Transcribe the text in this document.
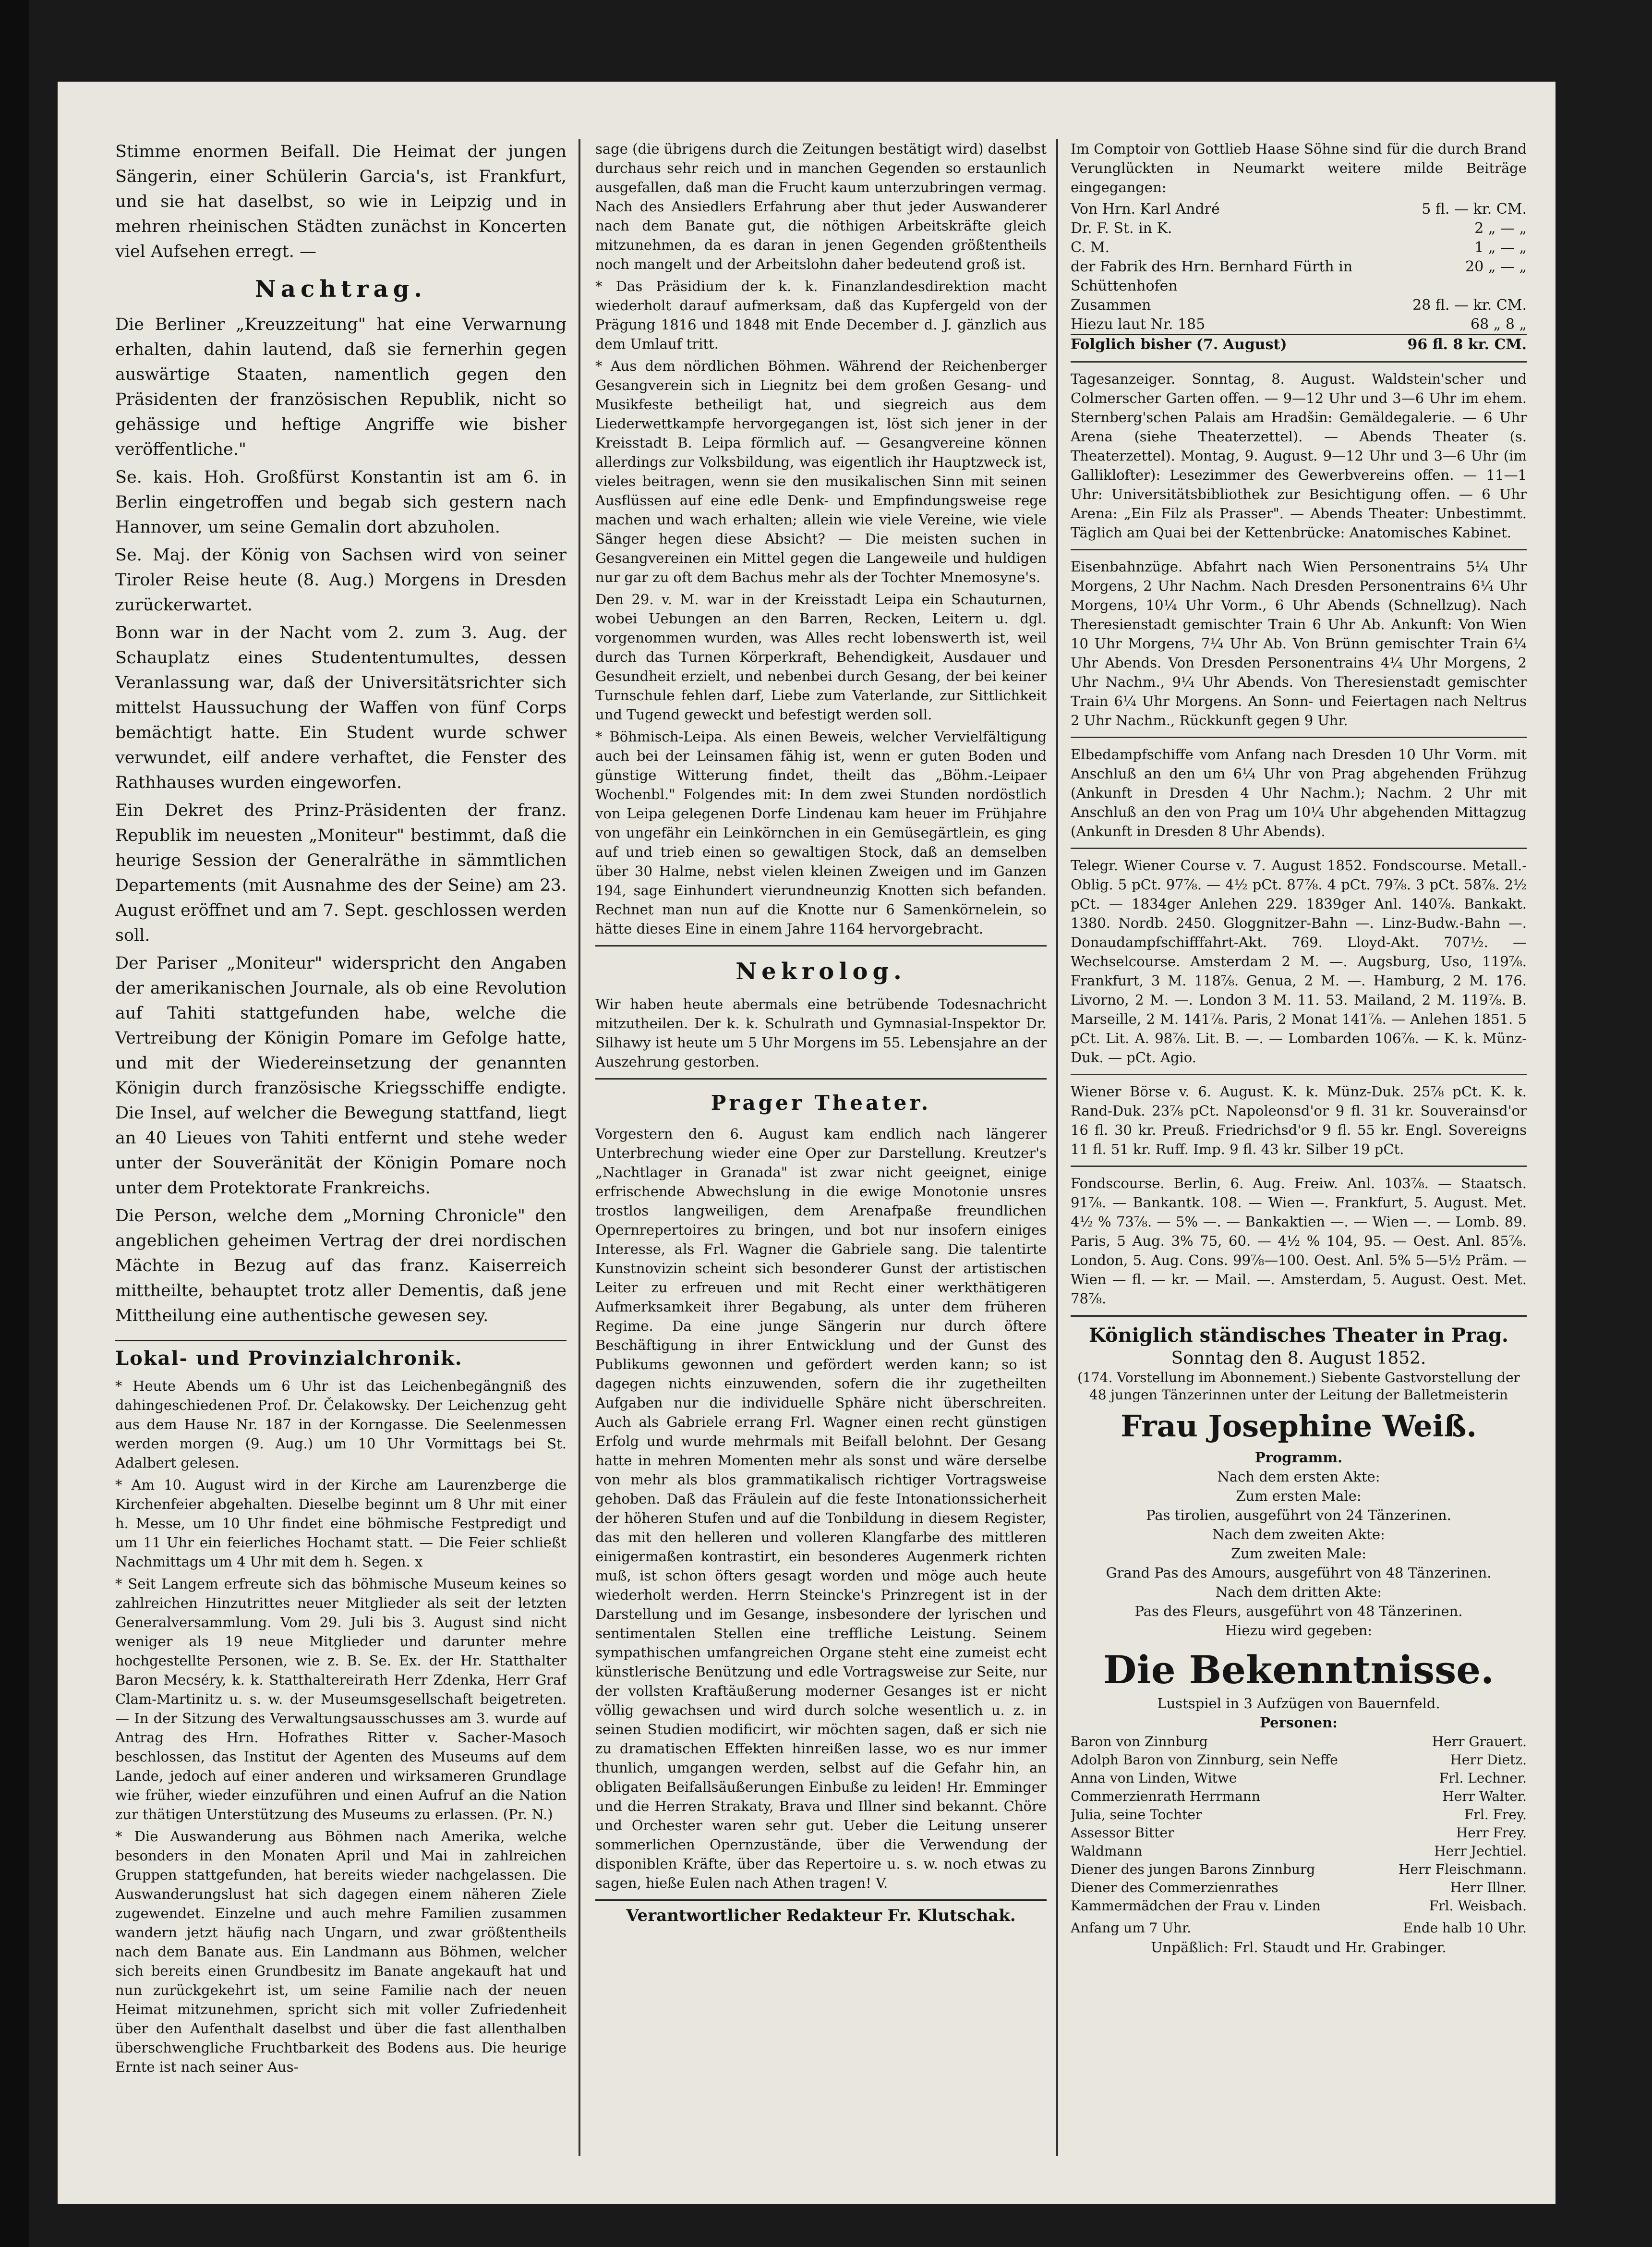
Stimme enormen Beifall. Die Heimat der jungen Sängerin, einer Schülerin Garcia's, ist Frankfurt, und sie hat daselbst, so wie in Leipzig und in mehren rheinischen Städten zunächst in Koncerten viel Aufsehen erregt. —

Nachtrag.

Die Berliner „Kreuzzeitung" hat eine Verwarnung erhalten, dahin lautend, daß sie fernerhin gegen auswärtige Staaten, namentlich gegen den Präsidenten der französischen Republik, nicht so gehässige und heftige Angriffe wie bisher veröffentliche."

Se. kais. Hoh. Großfürst Konstantin ist am 6. in Berlin eingetroffen und begab sich gestern nach Hannover, um seine Gemalin dort abzuholen.

Se. Maj. der König von Sachsen wird von seiner Tiroler Reise heute (8. Aug.) Morgens in Dresden zurückerwartet.

Bonn war in der Nacht vom 2. zum 3. Aug. der Schauplatz eines Studententumultes, dessen Veranlassung war, daß der Universitätsrichter sich mittelst Haussuchung der Waffen von fünf Corps bemächtigt hatte. Ein Student wurde schwer verwundet, eilf andere verhaftet, die Fenster des Rathhauses wurden eingeworfen.

Ein Dekret des Prinz-Präsidenten der franz. Republik im neuesten „Moniteur" bestimmt, daß die heurige Session der Generalräthe in sämmtlichen Departements (mit Ausnahme des der Seine) am 23. August eröffnet und am 7. Sept. geschlossen werden soll.

Der Pariser „Moniteur" widerspricht den Angaben der amerikanischen Journale, als ob eine Revolution auf Tahiti stattgefunden habe, welche die Vertreibung der Königin Pomare im Gefolge hatte, und mit der Wiedereinsetzung der genannten Königin durch französische Kriegsschiffe endigte. Die Insel, auf welcher die Bewegung stattfand, liegt an 40 Lieues von Tahiti entfernt und stehe weder unter der Souveränität der Königin Pomare noch unter dem Protektorate Frankreichs.

Die Person, welche dem „Morning Chronicle" den angeblichen geheimen Vertrag der drei nordischen Mächte in Bezug auf das franz. Kaiserreich mittheilte, behauptet trotz aller Dementis, daß jene Mittheilung eine authentische gewesen sey.

Lokal- und Provinzialchronik.

* Heute Abends um 6 Uhr ist das Leichenbegängniß des dahingeschiedenen Prof. Dr. Čelakowsky. Der Leichenzug geht aus dem Hause Nr. 187 in der Korngasse. Die Seelenmessen werden morgen (9. Aug.) um 10 Uhr Vormittags bei St. Adalbert gelesen.

* Am 10. August wird in der Kirche am Laurenzberge die Kirchenfeier abgehalten. Dieselbe beginnt um 8 Uhr mit einer h. Messe, um 10 Uhr findet eine böhmische Festpredigt und um 11 Uhr ein feierliches Hochamt statt. — Die Feier schließt Nachmittags um 4 Uhr mit dem h. Segen. x

* Seit Langem erfreute sich das böhmische Museum keines so zahlreichen Hinzutrittes neuer Mitglieder als seit der letzten Generalversammlung. Vom 29. Juli bis 3. August sind nicht weniger als 19 neue Mitglieder und darunter mehre hochgestellte Personen, wie z. B. Se. Ex. der Hr. Statthalter Baron Mecséry, k. k. Statthaltereirath Herr Zdenka, Herr Graf Clam-Martinitz u. s. w. der Museumsgesellschaft beigetreten. — In der Sitzung des Verwaltungsausschusses am 3. wurde auf Antrag des Hrn. Hofrathes Ritter v. Sacher-Masoch beschlossen, das Institut der Agenten des Museums auf dem Lande, jedoch auf einer anderen und wirksameren Grundlage wie früher, wieder einzuführen und einen Aufruf an die Nation zur thätigen Unterstützung des Museums zu erlassen. (Pr. N.)

* Die Auswanderung aus Böhmen nach Amerika, welche besonders in den Monaten April und Mai in zahlreichen Gruppen stattgefunden, hat bereits wieder nachgelassen. Die Auswanderungslust hat sich dagegen einem näheren Ziele zugewendet. Einzelne und auch mehre Familien zusammen wandern jetzt häufig nach Ungarn, und zwar größtentheils nach dem Banate aus. Ein Landmann aus Böhmen, welcher sich bereits einen Grundbesitz im Banate angekauft hat und nun zurückgekehrt ist, um seine Familie nach der neuen Heimat mitzunehmen, spricht sich mit voller Zufriedenheit über den Aufenthalt daselbst und über die fast allenthalben überschwengliche Fruchtbarkeit des Bodens aus. Die heurige Ernte ist nach seiner Aus-

sage (die übrigens durch die Zeitungen bestätigt wird) daselbst durchaus sehr reich und in manchen Gegenden so erstaunlich ausgefallen, daß man die Frucht kaum unterzubringen vermag. Nach des Ansiedlers Erfahrung aber thut jeder Auswanderer nach dem Banate gut, die nöthigen Arbeitskräfte gleich mitzunehmen, da es daran in jenen Gegenden größtentheils noch mangelt und der Arbeitslohn daher bedeutend groß ist.

* Das Präsidium der k. k. Finanzlandesdirektion macht wiederholt darauf aufmerksam, daß das Kupfergeld von der Prägung 1816 und 1848 mit Ende December d. J. gänzlich aus dem Umlauf tritt.

* Aus dem nördlichen Böhmen. Während der Reichenberger Gesangverein sich in Liegnitz bei dem großen Gesang- und Musikfeste betheiligt hat, und siegreich aus dem Liederwettkampfe hervorgegangen ist, löst sich jener in der Kreisstadt B. Leipa förmlich auf. — Gesangvereine können allerdings zur Volksbildung, was eigentlich ihr Hauptzweck ist, vieles beitragen, wenn sie den musikalischen Sinn mit seinen Ausflüssen auf eine edle Denk- und Empfindungsweise rege machen und wach erhalten; allein wie viele Vereine, wie viele Sänger hegen diese Absicht? — Die meisten suchen in Gesangvereinen ein Mittel gegen die Langeweile und huldigen nur gar zu oft dem Bachus mehr als der Tochter Mnemosyne's.

Den 29. v. M. war in der Kreisstadt Leipa ein Schauturnen, wobei Uebungen an den Barren, Recken, Leitern u. dgl. vorgenommen wurden, was Alles recht lobenswerth ist, weil durch das Turnen Körperkraft, Behendigkeit, Ausdauer und Gesundheit erzielt, und nebenbei durch Gesang, der bei keiner Turnschule fehlen darf, Liebe zum Vaterlande, zur Sittlichkeit und Tugend geweckt und befestigt werden soll.

* Böhmisch-Leipa. Als einen Beweis, welcher Vervielfältigung auch bei der Leinsamen fähig ist, wenn er guten Boden und günstige Witterung findet, theilt das „Böhm.-Leipaer Wochenbl." Folgendes mit: In dem zwei Stunden nordöstlich von Leipa gelegenen Dorfe Lindenau kam heuer im Frühjahre von ungefähr ein Leinkörnchen in ein Gemüsegärtlein, es ging auf und trieb einen so gewaltigen Stock, daß an demselben über 30 Halme, nebst vielen kleinen Zweigen und im Ganzen 194, sage Einhundert vierundneunzig Knotten sich befanden. Rechnet man nun auf die Knotte nur 6 Samenkörnelein, so hätte dieses Eine in einem Jahre 1164 hervorgebracht.

Nekrolog.

Wir haben heute abermals eine betrübende Todesnachricht mitzutheilen. Der k. k. Schulrath und Gymnasial-Inspektor Dr. Silhawy ist heute um 5 Uhr Morgens im 55. Lebensjahre an der Auszehrung gestorben.

Prager Theater.

Vorgestern den 6. August kam endlich nach längerer Unterbrechung wieder eine Oper zur Darstellung. Kreutzer's „Nachtlager in Granada" ist zwar nicht geeignet, einige erfrischende Abwechslung in die ewige Monotonie unsres trostlos langweiligen, dem Arenafpaße freundlichen Opernrepertoires zu bringen, und bot nur insofern einiges Interesse, als Frl. Wagner die Gabriele sang. Die talentirte Kunstnovizin scheint sich besonderer Gunst der artistischen Leiter zu erfreuen und mit Recht einer werkthätigeren Aufmerksamkeit ihrer Begabung, als unter dem früheren Regime. Da eine junge Sängerin nur durch öftere Beschäftigung in ihrer Entwicklung und der Gunst des Publikums gewonnen und gefördert werden kann; so ist dagegen nichts einzuwenden, sofern die ihr zugetheilten Aufgaben nur die individuelle Sphäre nicht überschreiten. Auch als Gabriele errang Frl. Wagner einen recht günstigen Erfolg und wurde mehrmals mit Beifall belohnt. Der Gesang hatte in mehren Momenten mehr als sonst und wäre derselbe von mehr als blos grammatikalisch richtiger Vortragsweise gehoben. Daß das Fräulein auf die feste Intonationssicherheit der höheren Stufen und auf die Tonbildung in diesem Register, das mit den helleren und volleren Klangfarbe des mittleren einigermaßen kontrastirt, ein besonderes Augenmerk richten muß, ist schon öfters gesagt worden und möge auch heute wiederholt werden. Herrn Steincke's Prinzregent ist in der Darstellung und im Gesange, insbesondere der lyrischen und sentimentalen Stellen eine treffliche Leistung. Seinem sympathischen umfangreichen Organe steht eine zumeist echt künstlerische Benützung und edle Vortragsweise zur Seite, nur der vollsten Kraftäußerung moderner Gesanges ist er nicht völlig gewachsen und wird durch solche wesentlich u. z. in seinen Studien modificirt, wir möchten sagen, daß er sich nie zu dramatischen Effekten hinreißen lasse, wo es nur immer thunlich, umgangen werden, selbst auf die Gefahr hin, an obligaten Beifallsäußerungen Einbuße zu leiden! Hr. Emminger und die Herren Strakaty, Brava und Illner sind bekannt. Chöre und Orchester waren sehr gut. Ueber die Leitung unserer sommerlichen Opernzustände, über die Verwendung der disponiblen Kräfte, über das Repertoire u. s. w. noch etwas zu sagen, hieße Eulen nach Athen tragen! V.

Verantwortlicher Redakteur Fr. Klutschak.

Im Comptoir von Gottlieb Haase Söhne sind für die durch Brand Verunglückten in Neumarkt weitere milde Beiträge eingegangen:

Von Hrn. Karl André	5 fl. — kr. CM.
Dr. F. St. in K.	2 „ — „
C. M.	1 „ — „
der Fabrik des Hrn. Bernhard Fürth in Schüttenhofen
20 „ — „
Zusammen	28 fl. — kr. CM.
Hiezu laut Nr. 185	68 „ 8 „
Folglich bisher (7. August)	96 fl. 8 kr. CM.

Tagesanzeiger. Sonntag, 8. August. Waldstein'scher und Colmerscher Garten offen. — 9—12 Uhr und 3—6 Uhr im ehem. Sternberg'schen Palais am Hradšin: Gemäldegalerie. — 6 Uhr Arena (siehe Theaterzettel). — Abends Theater (s. Theaterzettel). Montag, 9. August. 9—12 Uhr und 3—6 Uhr (im Galliklofter): Lesezimmer des Gewerbvereins offen. — 11—1 Uhr: Universitätsbibliothek zur Besichtigung offen. — 6 Uhr Arena: „Ein Filz als Prasser". — Abends Theater: Unbestimmt. Täglich am Quai bei der Kettenbrücke: Anatomisches Kabinet.

Eisenbahnzüge. Abfahrt nach Wien Personentrains 5¼ Uhr Morgens, 2 Uhr Nachm. Nach Dresden Personentrains 6¼ Uhr Morgens, 10¼ Uhr Vorm., 6 Uhr Abends (Schnellzug). Nach Theresienstadt gemischter Train 6 Uhr Ab. Ankunft: Von Wien 10 Uhr Morgens, 7¼ Uhr Ab. Von Brünn gemischter Train 6¼ Uhr Abends. Von Dresden Personentrains 4¼ Uhr Morgens, 2 Uhr Nachm., 9¼ Uhr Abends. Von Theresienstadt gemischter Train 6¼ Uhr Morgens. An Sonn- und Feiertagen nach Neltrus 2 Uhr Nachm., Rückkunft gegen 9 Uhr.

Elbedampfschiffe vom Anfang nach Dresden 10 Uhr Vorm. mit Anschluß an den um 6¼ Uhr von Prag abgehenden Frühzug (Ankunft in Dresden 4 Uhr Nachm.); Nachm. 2 Uhr mit Anschluß an den von Prag um 10¼ Uhr abgehenden Mittagzug (Ankunft in Dresden 8 Uhr Abends).

Telegr. Wiener Course v. 7. August 1852. Fondscourse. Metall.-Oblig. 5 pCt. 97⅞. — 4½ pCt. 87⅞. 4 pCt. 79⅞. 3 pCt. 58⅞. 2½ pCt. — 1834ger Anlehen 229. 1839ger Anl. 140⅞. Bankakt. 1380. Nordb. 2450. Gloggnitzer-Bahn —. Linz-Budw.-Bahn —. Donaudampfschifffahrt-Akt. 769. Lloyd-Akt. 707½. — Wechselcourse. Amsterdam 2 M. —. Augsburg, Uso, 119⅞. Frankfurt, 3 M. 118⅞. Genua, 2 M. —. Hamburg, 2 M. 176. Livorno, 2 M. —. London 3 M. 11. 53. Mailand, 2 M. 119⅞. B. Marseille, 2 M. 141⅞. Paris, 2 Monat 141⅞. — Anlehen 1851. 5 pCt. Lit. A. 98⅞. Lit. B. —. — Lombarden 106⅞. — K. k. Münz-Duk. — pCt. Agio.

Wiener Börse v. 6. August. K. k. Münz-Duk. 25⅞ pCt. K. k. Rand-Duk. 23⅞ pCt. Napoleonsd'or 9 fl. 31 kr. Souverainsd'or 16 fl. 30 kr. Preuß. Friedrichsd'or 9 fl. 55 kr. Engl. Sovereigns 11 fl. 51 kr. Ruff. Imp. 9 fl. 43 kr. Silber 19 pCt.

Fondscourse. Berlin, 6. Aug. Freiw. Anl. 103⅞. — Staatsch. 91⅞. — Bankantk. 108. — Wien —. Frankfurt, 5. August. Met. 4½ % 73⅞. — 5% —. — Bankaktien —. — Wien —. — Lomb. 89. Paris, 5 Aug. 3% 75, 60. — 4½ % 104, 95. — Oest. Anl. 85⅞. London, 5. Aug. Cons. 99⅞—100. Oest. Anl. 5% 5—5½ Präm. — Wien — fl. — kr. — Mail. —. Amsterdam, 5. August. Oest. Met. 78⅞.

Königlich ständisches Theater in Prag.
Sonntag den 8. August 1852.
(174. Vorstellung im Abonnement.) Siebente Gastvorstellung der 48 jungen Tänzerinnen unter der Leitung der Balletmeisterin
Frau Josephine Weiß.
Programm.
Nach dem ersten Akte:
Zum ersten Male:
Pas tirolien, ausgeführt von 24 Tänzerinen.
Nach dem zweiten Akte:
Zum zweiten Male:
Grand Pas des Amours, ausgeführt von 48 Tänzerinen.
Nach dem dritten Akte:
Pas des Fleurs, ausgeführt von 48 Tänzerinen.
Hiezu wird gegeben:
Die Bekenntnisse.
Lustspiel in 3 Aufzügen von Bauernfeld.
Personen:
Baron von Zinnburg	Herr Grauert.
Adolph Baron von Zinnburg, sein Neffe	Herr Dietz.
Anna von Linden, Witwe	Frl. Lechner.
Commerzienrath Herrmann	Herr Walter.
Julia, seine Tochter	Frl. Frey.
Assessor Bitter	Herr Frey.
Waldmann	Herr Jechtiel.
Diener des jungen Barons Zinnburg	Herr Fleischmann.
Diener des Commerzienrathes	Herr Illner.
Kammermädchen der Frau v. Linden	Frl. Weisbach.
Anfang um 7 Uhr.	Ende halb 10 Uhr.
Unpäßlich: Frl. Staudt und Hr. Grabinger.
